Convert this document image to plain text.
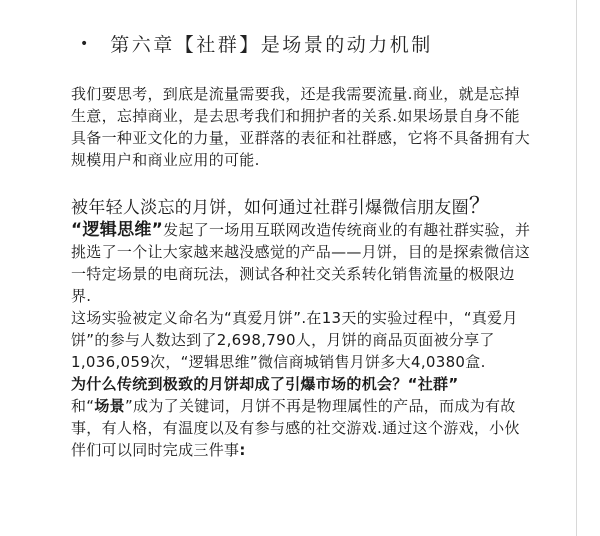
• 第六章【社群】是场景的动力机制
我们要思考，到底是流量需要我，还是我需要流量.商业，就是忘掉生意，忘掉商业，是去思考我们和拥护者的关系.如果场景自身不能具备一种亚文化的力量，亚群落的表征和社群感，它将不具备拥有大规模用户和商业应用的可能.
被年轻人淡忘的月饼，如何通过社群引爆微信朋友圈？
“逻辑思维”发起了一场用互联网改造传统商业的有趣社群实验，并挑选了一个让大家越来越没感觉的产品——月饼，目的是探索微信这一特定场景的电商玩法，测试各种社交关系转化销售流量的极限边界.
这场实验被定义命名为“真爱月饼”.在13天的实验过程中，“真爱月饼”的参与人数达到了2,698,790人，月饼的商品页面被分享了1,036,059次，“逻辑思维”微信商城销售月饼多大4,0380盒.
为什么传统到极致的月饼却成了引爆市场的机会？“社群”
和“场景”成为了关键词，月饼不再是物理属性的产品，而成为有故事，有人格，有温度以及有参与感的社交游戏.通过这个游戏，小伙伴们可以同时完成三件事:
